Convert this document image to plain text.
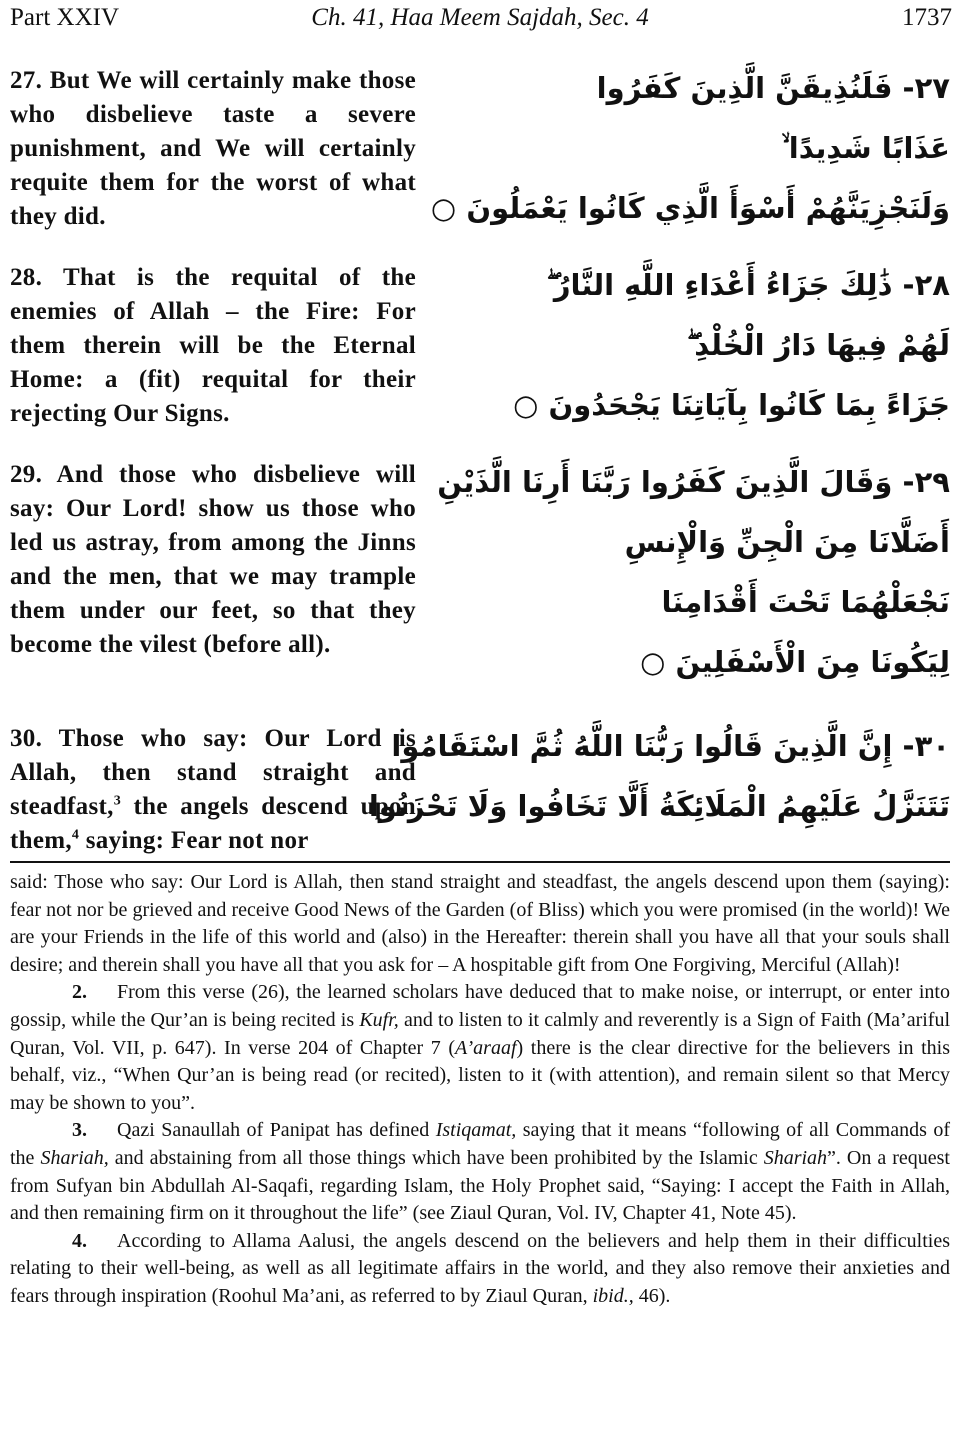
Part XXIV	Ch. 41, Haa Meem Sajdah, Sec. 4	1737
27. But We will certainly make those who disbelieve taste a severe punishment, and We will certainly requite them for the worst of what they did.
٢٧- فَلَنُذِيقَنَّ الَّذِينَ كَفَرُوا
عَذَابًا شَدِيدًا ۙ
وَلَنَجْزِيَنَّهُمْ أَسْوَأَ الَّذِي كَانُوا يَعْمَلُونَ ○
28. That is the requital of the enemies of Allah – the Fire: For them therein will be the Eternal Home: a (fit) requital for their rejecting Our Signs.
٢٨- ذَٰلِكَ جَزَاءُ أَعْدَاءِ اللَّهِ النَّارُ ۖ
لَهُمْ فِيهَا دَارُ الْخُلْدِ ۖ
جَزَاءً بِمَا كَانُوا بِآيَاتِنَا يَجْحَدُونَ ○
29. And those who disbelieve will say: Our Lord! show us those who led us astray, from among the Jinns and the men, that we may trample them under our feet, so that they become the vilest (before all).
٢٩- وَقَالَ الَّذِينَ كَفَرُوا رَبَّنَا أَرِنَا الَّذَيْنِ
أَضَلَّانَا مِنَ الْجِنِّ وَالْإِنسِ
نَجْعَلْهُمَا تَحْتَ أَقْدَامِنَا
لِيَكُونَا مِنَ الْأَسْفَلِينَ ○
30. Those who say: Our Lord is Allah, then stand straight and steadfast,$^3$ the angels descend upon them,$^4$ saying: Fear not nor
٣٠- إِنَّ الَّذِينَ قَالُوا رَبُّنَا اللَّهُ ثُمَّ اسْتَقَامُوا
تَتَنَزَّلُ عَلَيْهِمُ الْمَلَائِكَةُ أَلَّا تَخَافُوا وَلَا تَحْزَنُوا

said: Those who say: Our Lord is Allah, then stand straight and steadfast, the angels descend upon them (saying): fear not nor be grieved and receive Good News of the Garden (of Bliss) which you were promised (in the world)! We are your Friends in the life of this world and (also) in the Hereafter: therein shall you have all that your souls shall desire; and therein shall you have all that you ask for – A hospitable gift from One Forgiving, Merciful (Allah)!

2. From this verse (26), the learned scholars have deduced that to make noise, or interrupt, or enter into gossip, while the Qur’an is being recited is Kufr, and to listen to it calmly and reverently is a Sign of Faith (Ma’ariful Quran, Vol. VII, p. 647). In verse 204 of Chapter 7 (A’araaf) there is the clear directive for the believers in this behalf, viz., “When Qur’an is being read (or recited), listen to it (with attention), and remain silent so that Mercy may be shown to you”.

3. Qazi Sanaullah of Panipat has defined Istiqamat, saying that it means “following of all Commands of the Shariah, and abstaining from all those things which have been prohibited by the Islamic Shariah”. On a request from Sufyan bin Abdullah Al-Saqafi, regarding Islam, the Holy Prophet said, “Saying: I accept the Faith in Allah, and then remaining firm on it throughout the life” (see Ziaul Quran, Vol. IV, Chapter 41, Note 45).

4. According to Allama Aalusi, the angels descend on the believers and help them in their difficulties relating to their well-being, as well as all legitimate affairs in the world, and they also remove their anxieties and fears through inspiration (Roohul Ma’ani, as referred to by Ziaul Quran, ibid., 46).
